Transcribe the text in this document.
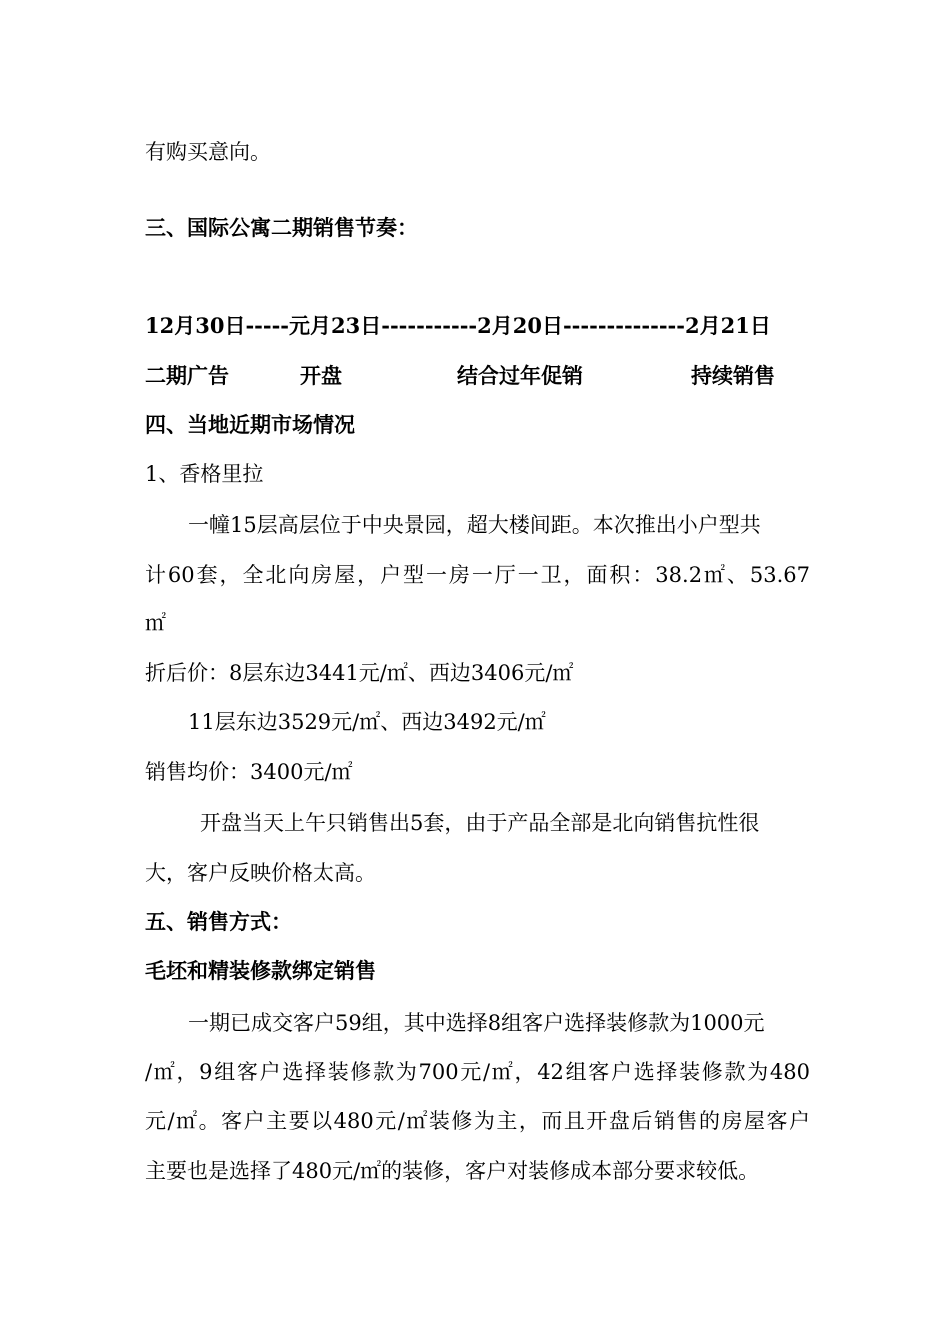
有购买意向。
三、国际公寓二期销售节奏：
12月30日-----元月23日-----------2月20日--------------2月21日
二期广告	开盘	结合过年促销	持续销售
四、当地近期市场情况
1、香格里拉
一幢15层高层位于中央景园，超大楼间距。本次推出小户型共
计60套，全北向房屋，户型一房一厅一卫，面积：38.2㎡、53.67
㎡
折后价：8层东边3441元/㎡、西边3406元/㎡
11层东边3529元/㎡、西边3492元/㎡
销售均价：3400元/㎡
开盘当天上午只销售出5套，由于产品全部是北向销售抗性很
大，客户反映价格太高。
五、销售方式：
毛坯和精装修款绑定销售
一期已成交客户59组，其中选择8组客户选择装修款为1000元
/㎡，9组客户选择装修款为700元/㎡，42组客户选择装修款为480
元/㎡。客户主要以480元/㎡装修为主，而且开盘后销售的房屋客户
主要也是选择了480元/㎡的装修，客户对装修成本部分要求较低。
